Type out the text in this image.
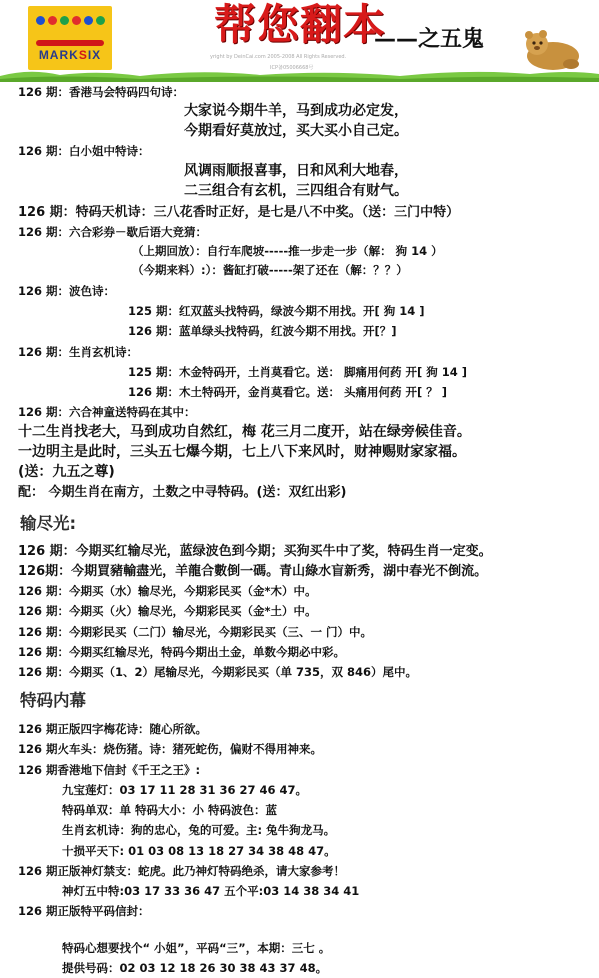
MARKSIX
帮您翻本
——之五鬼
yright by DeinCai.com 2005-2008 All Rights Reserved.
ICP备05006668号
126 期：香港马会特码四句诗：
大家说今期牛羊，马到成功必定发，
今期看好莫放过，买大买小自己定。
126 期：白小姐中特诗：
风调雨顺报喜事，日和风利大地春，
二三组合有玄机，三四组合有财气。
126 期：特码天机诗：三八花香时正好，是七是八不中奖。（送：三门中特）
126 期：六合彩券－歇后语大竞猜：
（上期回放）：自行车爬坡-----推一步走一步（解： 狗 14 ）
（今期来料）:）：酱缸打破-----架了还在（解：？？）
126 期：波色诗：
125 期：红双蓝头找特码，绿波今期不用找。开[ 狗 14 ]
126 期：蓝单绿头找特码，红波今期不用找。开[？]
126 期：生肖玄机诗：
125 期：木金特码开，土肖莫看它。送： 脚痛用何药 开[ 狗 14 ]
126 期：木土特码开，金肖莫看它。送： 头痛用何药 开[ ？ ]
126 期：六合神童送特码在其中：
十二生肖找老大，马到成功自然红，梅 花三月二度开，站在绿旁候佳音。
一边明主是此时，三头五七爆今期，七上八下来风时，财神赐财家家福。
(送：九五之尊)
配： 今期生肖在南方，土数之中寻特码。(送：双红出彩)
输尽光:
126 期：今期买红输尽光，蓝绿波色到今期；买狗买牛中了奖，特码生肖一定变。
126期：今期買豬輸盡光，羊龍合數倒一碼。青山綠水盲新秀，湖中春光不倒流。
126 期：今期买（水）输尽光，今期彩民买（金*木）中。
126 期：今期买（火）输尽光，今期彩民买（金*土）中。
126 期：今期彩民买（二门）输尽光，今期彩民买（三、一 门）中。
126 期：今期买红输尽光，特码今期出土金，单数今期必中彩。
126 期：今期买（1、2）尾输尽光，今期彩民买（单 735，双 846）尾中。
特码内幕
126 期正版四字梅花诗：随心所欲。
126 期火车头：烧伤猪。诗：猪死蛇伤，偏财不得用神来。
126 期香港地下信封《千王之王》:
九宝莲灯：03 17 11 28 31 36 27 46 47。
特码单双：单 特码大小：小 特码波色：蓝
生肖玄机诗：狗的忠心，兔的可爱。主: 兔牛狗龙马。
十损平天下: 01 03 08 13 18 27 34 38 48 47。
126 期正版神灯禁支：蛇虎。此乃神灯特码绝杀，请大家参考！
神灯五中特:03 17 33 36 47 五个平:03 14 38 34 41
126 期正版特平码信封：
特码心想要找个“ 小姐”，平码“三”，本期：三七 。
提供号码：02 03 12 18 26 30 38 43 37 48。
